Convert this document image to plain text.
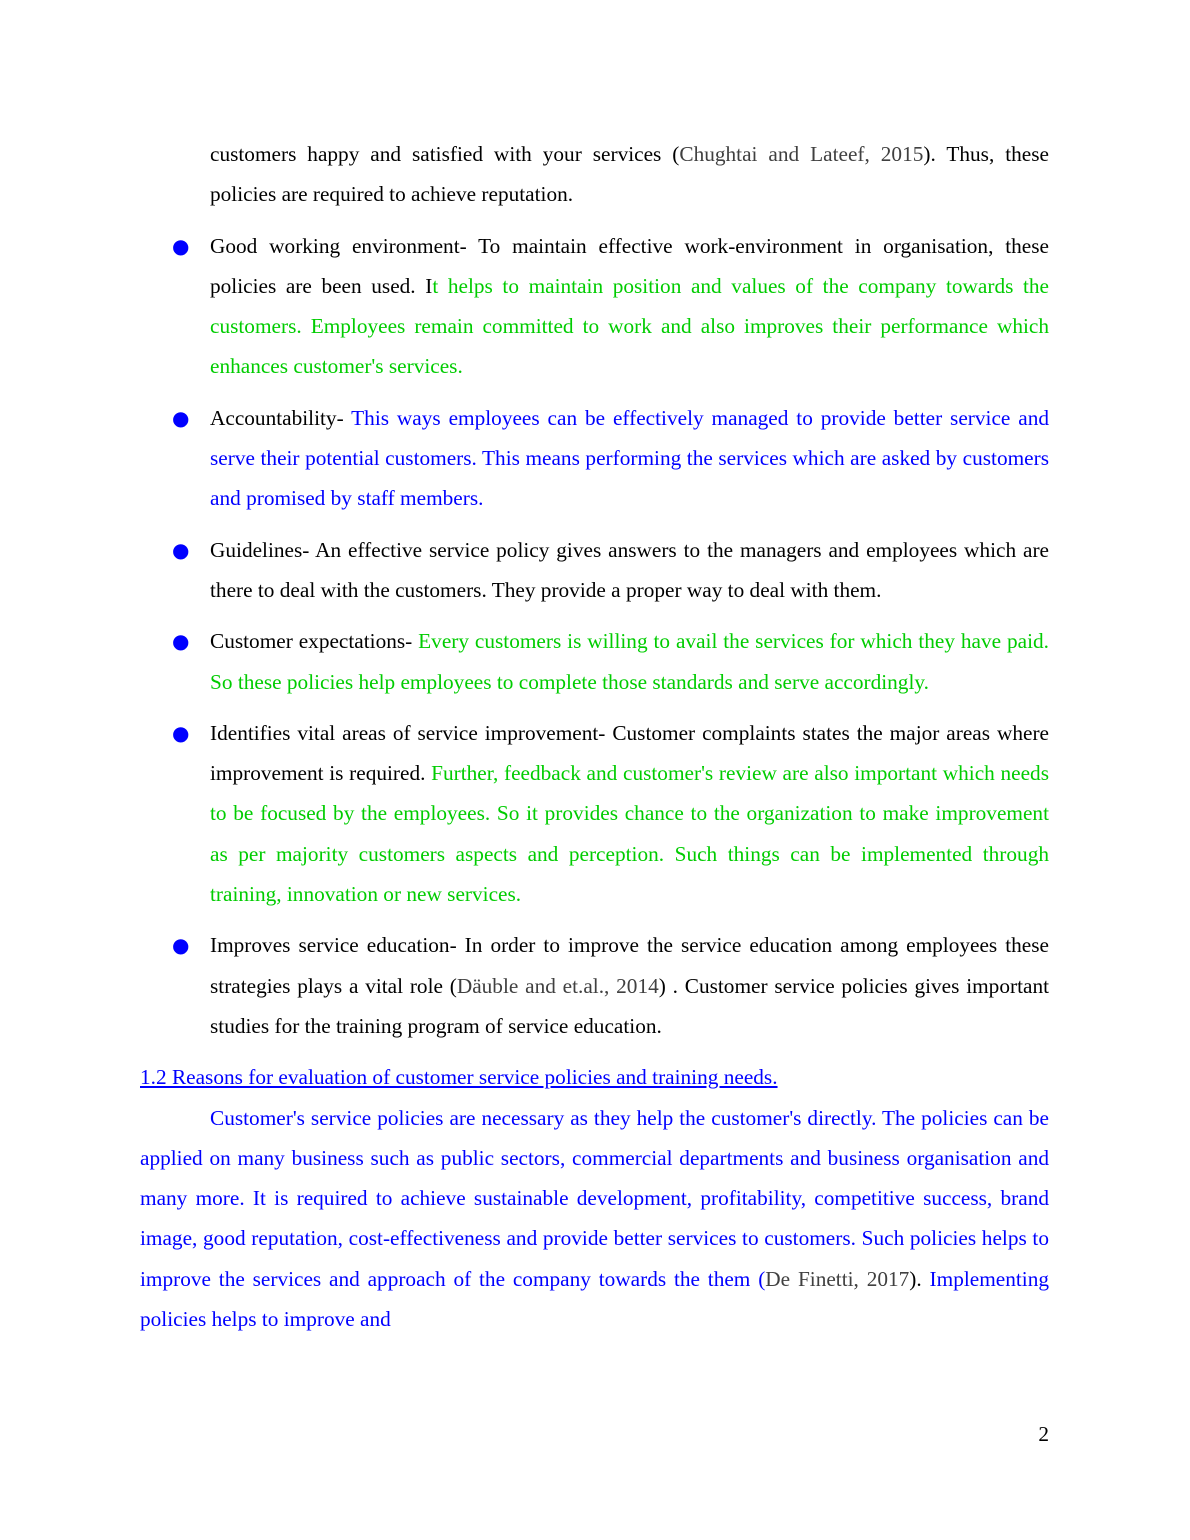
customers happy and satisfied with your services (Chughtai and Lateef, 2015). Thus, these policies are required to achieve reputation.

● Good working environment- To maintain effective work-environment in organisation, these policies are been used. It helps to maintain position and values of the company towards the customers. Employees remain committed to work and also improves their performance which enhances customer's services.

● Accountability- This ways employees can be effectively managed to provide better service and serve their potential customers. This means performing the services which are asked by customers and promised by staff members.

● Guidelines- An effective service policy gives answers to the managers and employees which are there to deal with the customers. They provide a proper way to deal with them.

● Customer expectations- Every customers is willing to avail the services for which they have paid. So these policies help employees to complete those standards and serve accordingly.

● Identifies vital areas of service improvement- Customer complaints states the major areas where improvement is required. Further, feedback and customer's review are also important which needs to be focused by the employees. So it provides chance to the organization to make improvement as per majority customers aspects and perception. Such things can be implemented through training, innovation or new services.

● Improves service education- In order to improve the service education among employees these strategies plays a vital role (Däuble and et.al., 2014) . Customer service policies gives important studies for the training program of service education.

1.2 Reasons for evaluation of customer service policies and training needs.

Customer's service policies are necessary as they help the customer's directly. The policies can be applied on many business such as public sectors, commercial departments and business organisation and many more. It is required to achieve sustainable development, profitability, competitive success, brand image, good reputation, cost-effectiveness and provide better services to customers. Such policies helps to improve the services and approach of the company towards the them (De Finetti, 2017). Implementing policies helps to improve and

2
